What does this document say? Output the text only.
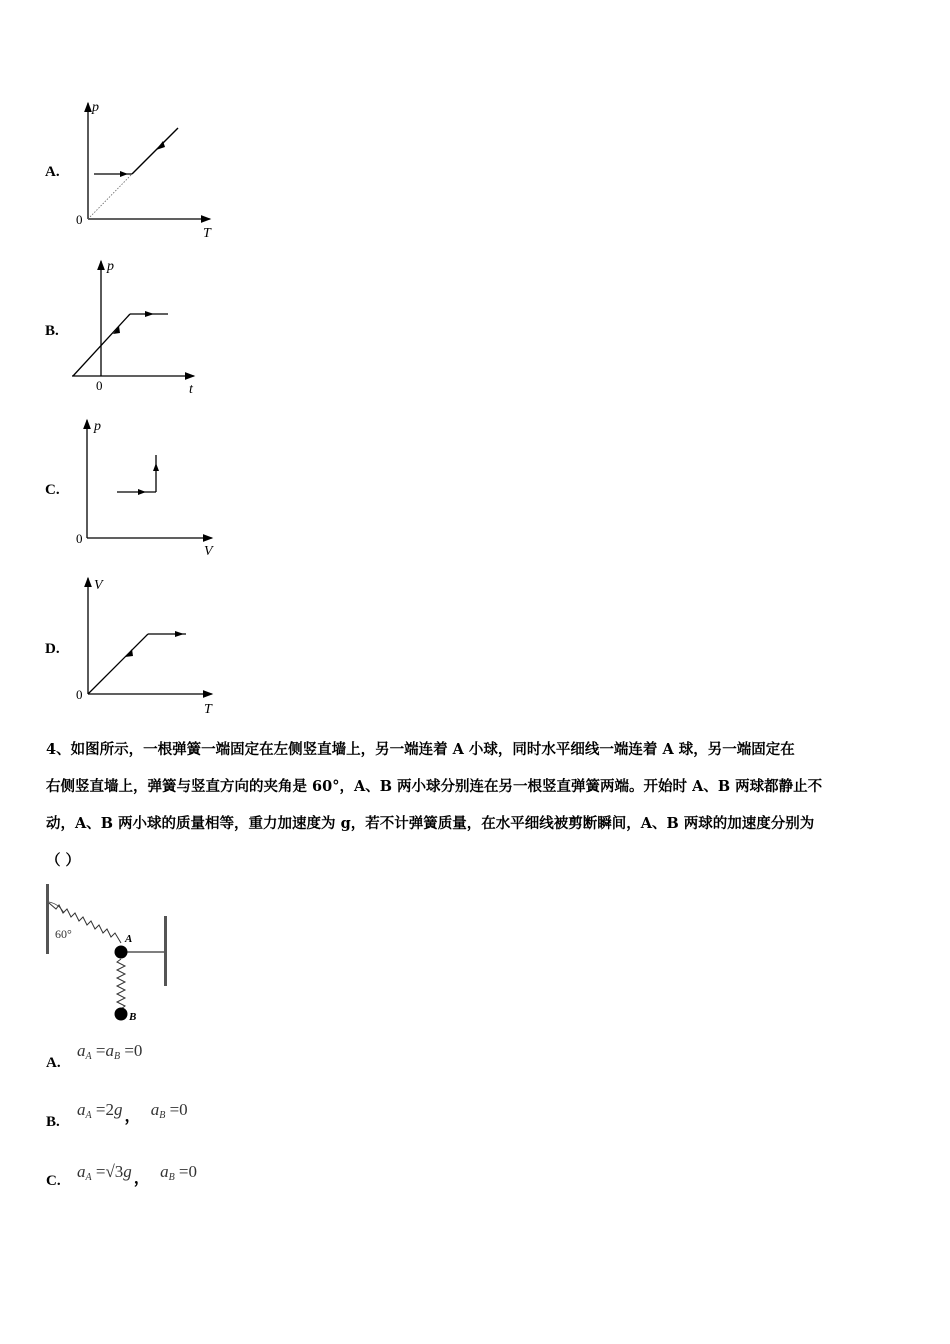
A.
p
T
0
B.
p
t
0
C.
p
V
0
D.
V
T
0
4、如图所示，一根弹簧一端固定在左侧竖直墙上，另一端连着 A 小球，同时水平细线一端连着 A 球，另一端固定在
右侧竖直墙上，弹簧与竖直方向的夹角是 60°，A、B 两小球分别连在另一根竖直弹簧两端。开始时 A、B 两球都静止不
动，A、B 两小球的质量相等，重力加速度为 g，若不计弹簧质量，在水平细线被剪断瞬间，A、B 两球的加速度分别为
（ ）
60°	A
B
A.
$a_A =a_B =0$
B.
$a_A =2g$ ， $a_B =0$
C. $a_A =√3g$ ， $a_B =0$
